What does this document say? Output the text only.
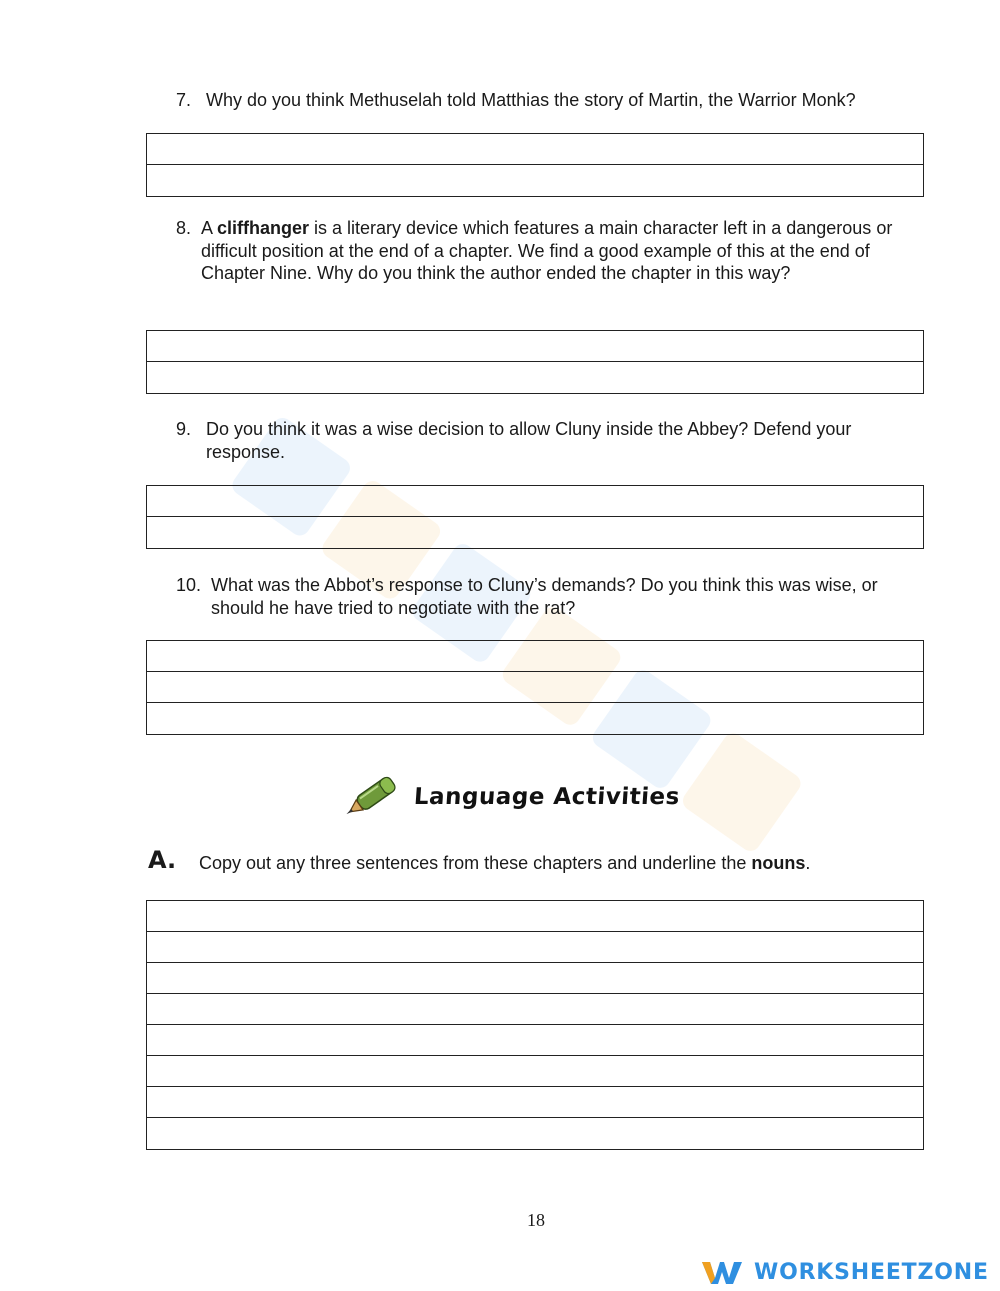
7. Why do you think Methuselah told Matthias the story of Martin, the Warrior Monk?
8. A cliffhanger is a literary device which features a main character left in a dangerous or difficult position at the end of a chapter. We find a good example of this at the end of Chapter Nine. Why do you think the author ended the chapter in this way?
9. Do you think it was a wise decision to allow Cluny inside the Abbey? Defend your response.
10. What was the Abbot’s response to Cluny’s demands? Do you think this was wise, or should he have tried to negotiate with the rat?
Language Activities
A. Copy out any three sentences from these chapters and underline the nouns.
18
WORKSHEETZONE
